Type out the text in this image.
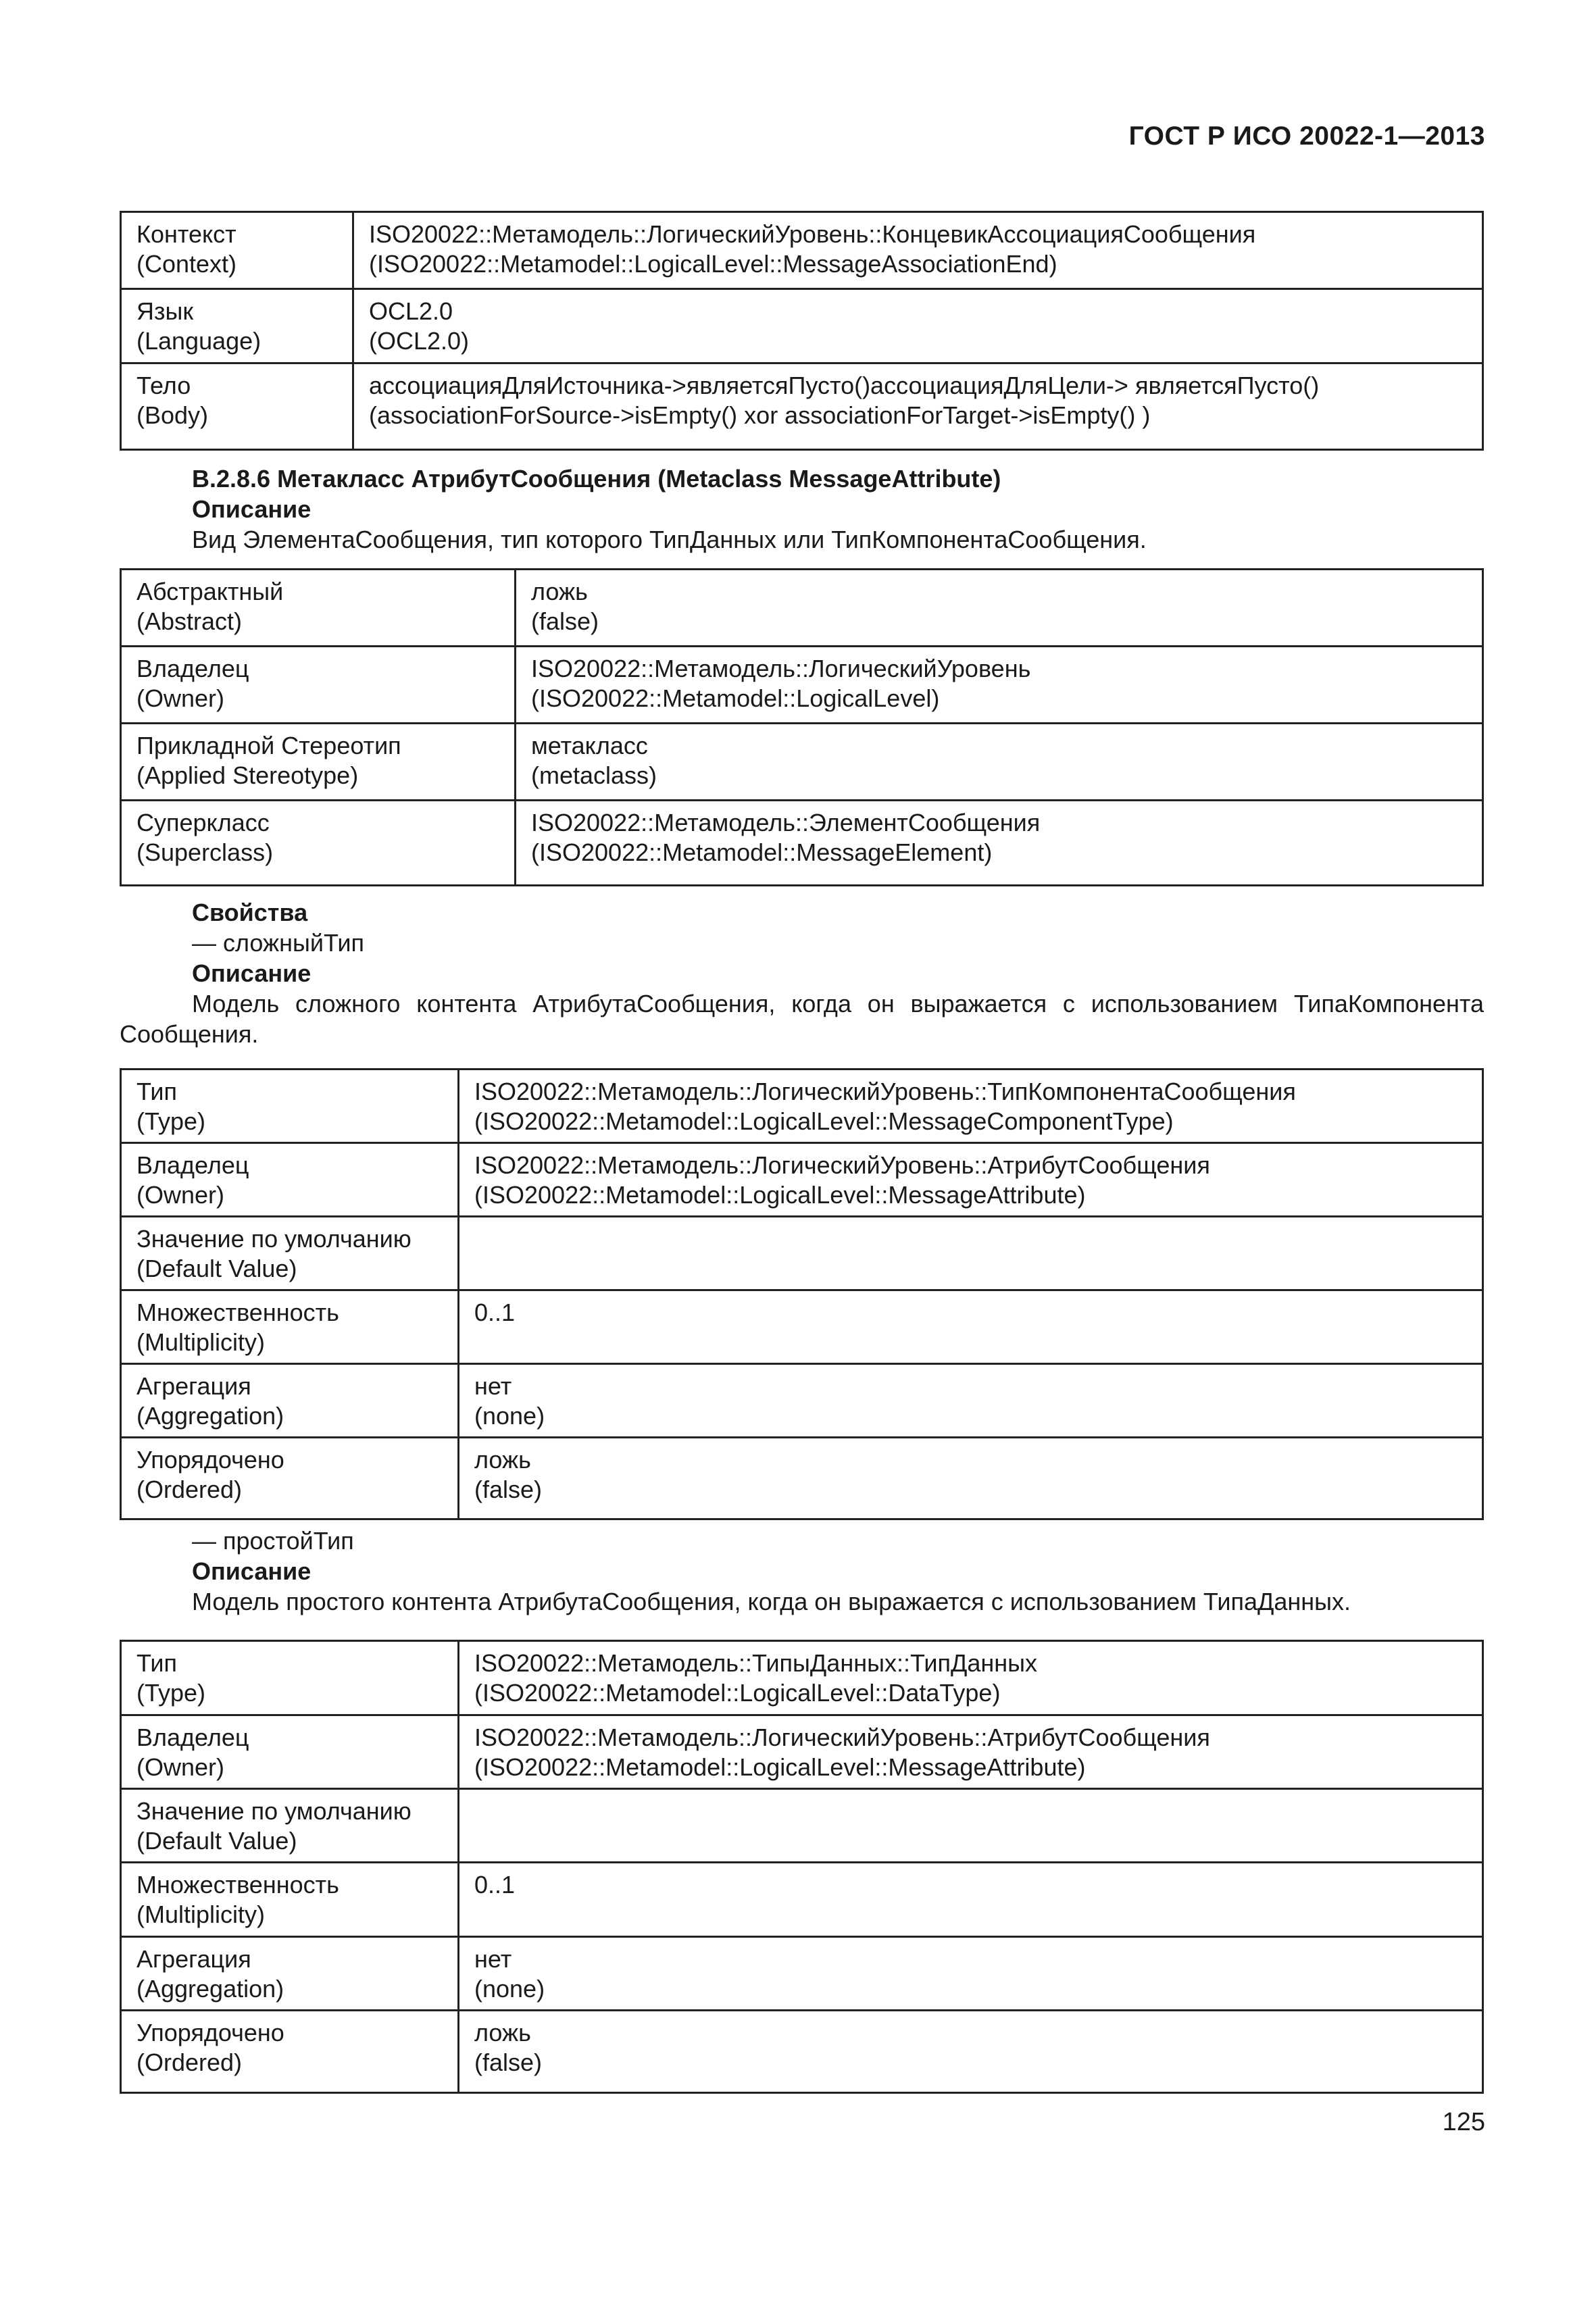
ГОСТ Р ИСО 20022-1—2013
Контекст
(Context)	ISO20022::Метамодель::ЛогическийУровень::КонцевикАссоциацияСообщения
(ISO20022::Metamodel::LogicalLevel::MessageAssociationEnd)

Язык
(Language)	OCL2.0
(OCL2.0)

Тело
(Body)	ассоциацияДляИсточника->являетсяПусто()ассоциацияДляЦели-> являетсяПусто()
(associationForSource->isEmpty() xor associationForTarget->isEmpty() )
B.2.8.6 Метакласс АтрибутСообщения (Metaclass MessageAttribute)
Описание
Вид ЭлементаСообщения, тип которого ТипДанных или ТипКомпонентаСообщения.
Абстрактный
(Abstract)	ложь
(false)

Владелец
(Owner)	ISO20022::Метамодель::ЛогическийУровень
(ISO20022::Metamodel::LogicalLevel)

Прикладной Стереотип
(Applied Stereotype)	метакласс
(metaclass)

Суперкласс
(Superclass)	ISO20022::Метамодель::ЭлементСообщения
(ISO20022::Metamodel::MessageElement)
Свойства
— сложныйТип
Описание
Модель сложного контента АтрибутаСообщения, когда он выражается с использованием ТипаКомпонента
Сообщения.
Тип
(Type)	ISO20022::Метамодель::ЛогическийУровень::ТипКомпонентаСообщения
(ISO20022::Metamodel::LogicalLevel::MessageComponentType)

Владелец
(Owner)	ISO20022::Метамодель::ЛогическийУровень::АтрибутСообщения
(ISO20022::Metamodel::LogicalLevel::MessageAttribute)

Значение по умолчанию
(Default Value)	

Множественность
(Multiplicity)	0..1

Агрегация
(Aggregation)	нет
(none)

Упорядочено
(Ordered)	ложь
(false)
— простойТип
Описание
Модель простого контента АтрибутаСообщения, когда он выражается с использованием ТипаДанных.
Тип
(Type)	ISO20022::Метамодель::ТипыДанных::ТипДанных
(ISO20022::Metamodel::LogicalLevel::DataType)

Владелец
(Owner)	ISO20022::Метамодель::ЛогическийУровень::АтрибутСообщения
(ISO20022::Metamodel::LogicalLevel::MessageAttribute)

Значение по умолчанию
(Default Value)	

Множественность
(Multiplicity)	0..1

Агрегация
(Aggregation)	нет
(none)

Упорядочено
(Ordered)	ложь
(false)
125
